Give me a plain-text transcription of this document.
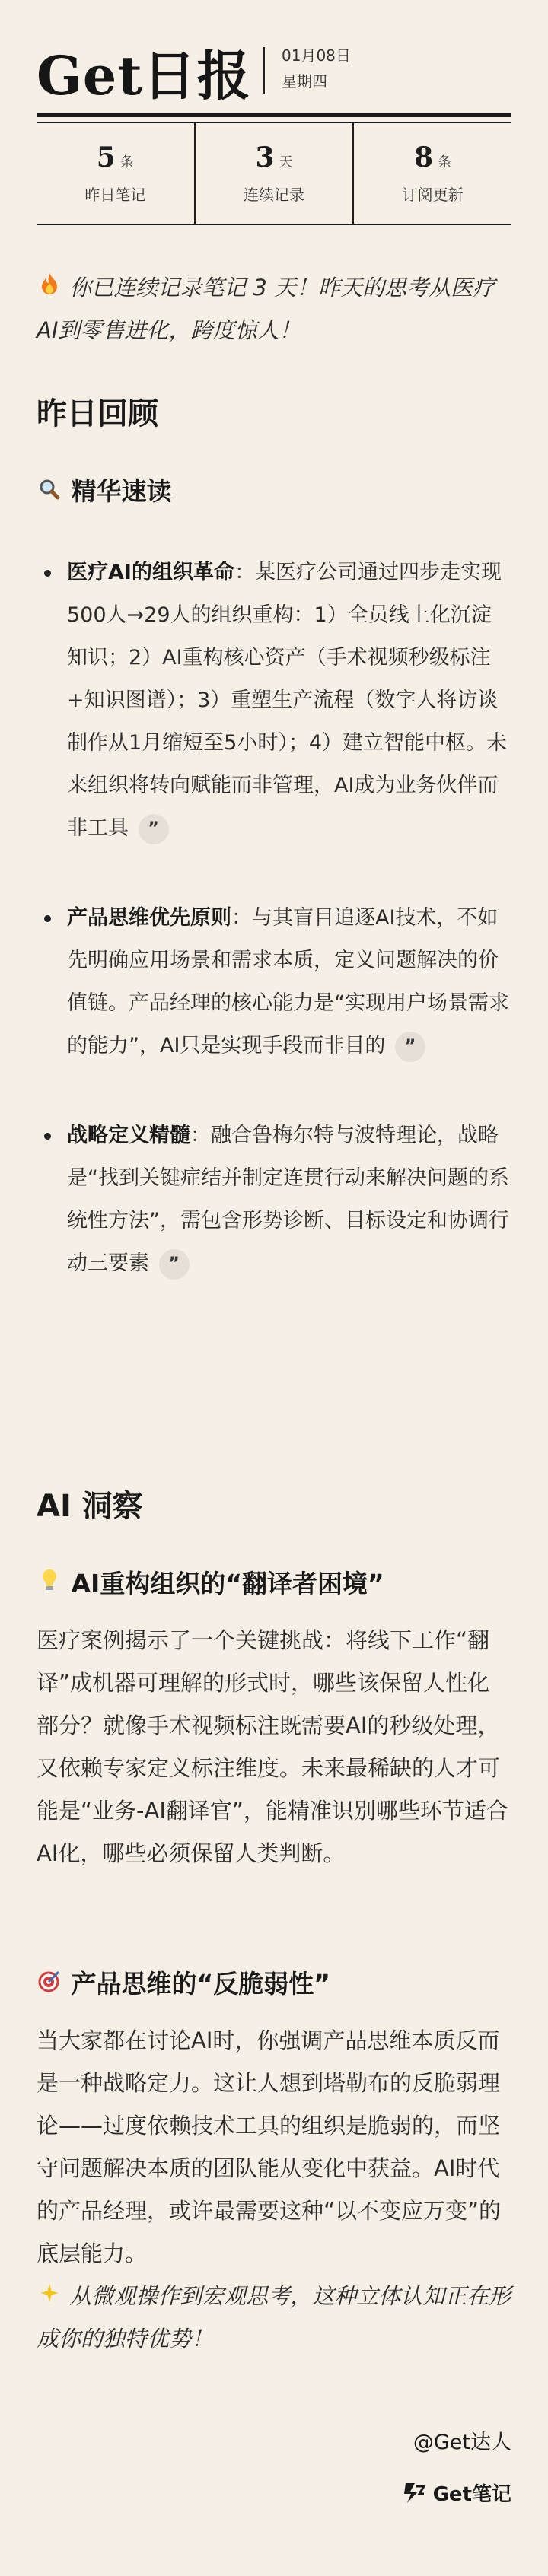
Get日报 01月08日
星期四
5 条
昨日笔记
3 天
连续记录
8 条
订阅更新
你已连续记录笔记 3 天！昨天的思考从医疗AI到零售进化，跨度惊人！
昨日回顾
精华速读
医疗AI的组织革命：某医疗公司通过四步走实现500人→29人的组织重构：1）全员线上化沉淀知识；2）AI重构核心资产（手术视频秒级标注+知识图谱）；3）重塑生产流程（数字人将访谈制作从1月缩短至5小时）；4）建立智能中枢。未来组织将转向赋能而非管理，AI成为业务伙伴而非工具 ”
产品思维优先原则：与其盲目追逐AI技术，不如先明确应用场景和需求本质，定义问题解决的价值链。产品经理的核心能力是“实现用户场景需求的能力”，AI只是实现手段而非目的 ”
战略定义精髓：融合鲁梅尔特与波特理论，战略是“找到关键症结并制定连贯行动来解决问题的系统性方法”，需包含形势诊断、目标设定和协调行动三要素 ”
AI 洞察
AI重构组织的“翻译者困境”
医疗案例揭示了一个关键挑战：将线下工作“翻译”成机器可理解的形式时，哪些该保留人性化部分？就像手术视频标注既需要AI的秒级处理，又依赖专家定义标注维度。未来最稀缺的人才可能是“业务-AI翻译官”，能精准识别哪些环节适合AI化，哪些必须保留人类判断。
产品思维的“反脆弱性”
当大家都在讨论AI时，你强调产品思维本质反而是一种战略定力。这让人想到塔勒布的反脆弱理论——过度依赖技术工具的组织是脆弱的，而坚守问题解决本质的团队能从变化中获益。AI时代的产品经理，或许最需要这种“以不变应万变”的底层能力。
从微观操作到宏观思考，这种立体认知正在形成你的独特优势！
@Get达人
Get笔记
